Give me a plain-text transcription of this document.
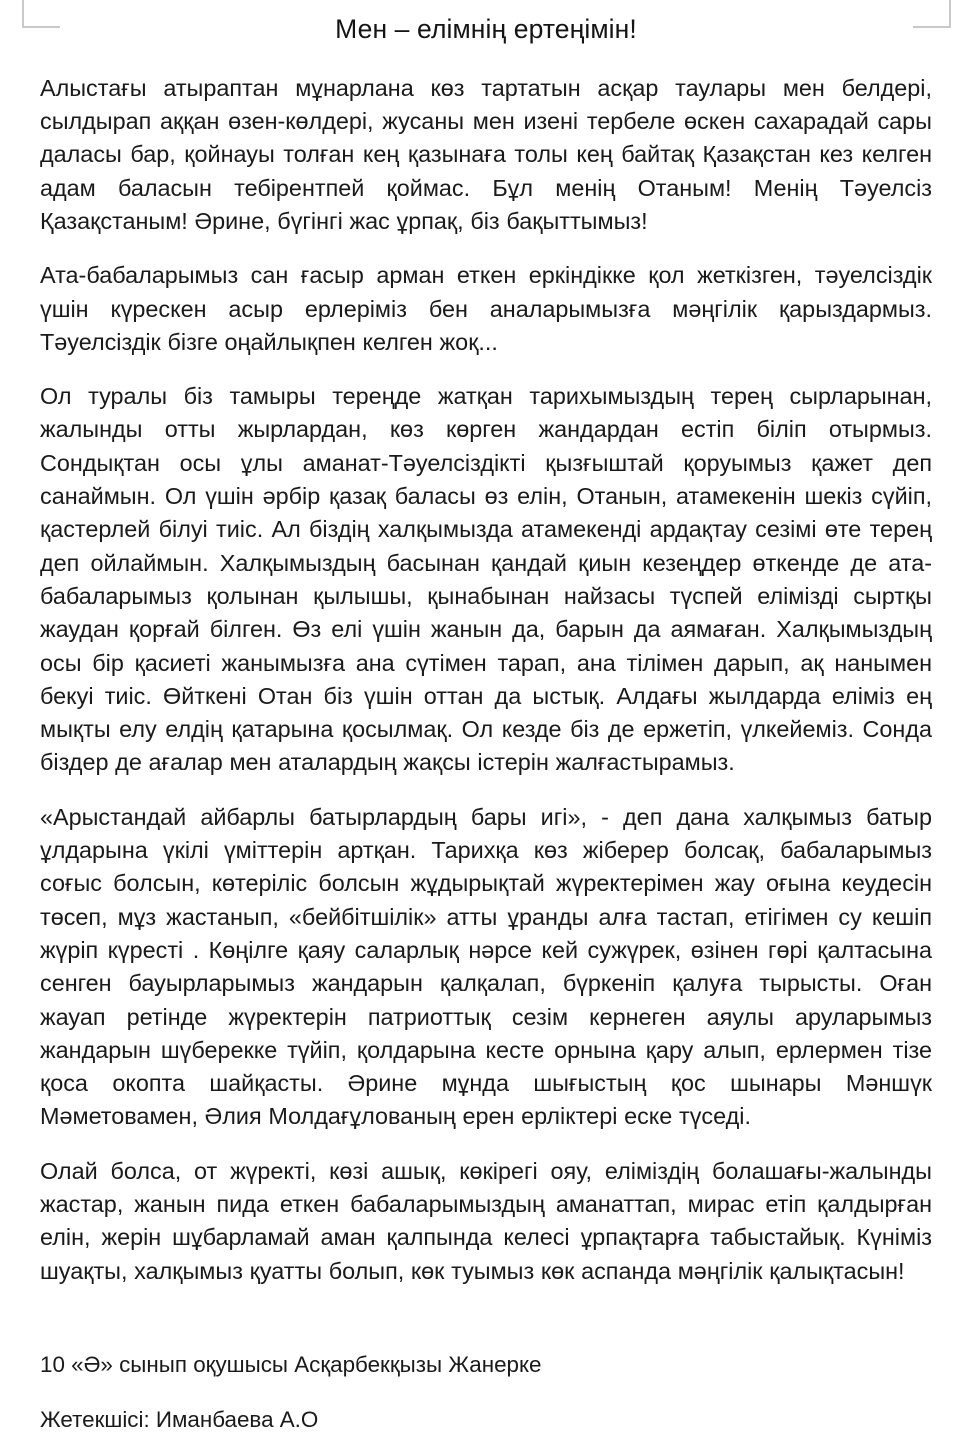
Мен – елімнің ертеңімін!

Алыстағы атыраптан мұнарлана көз тартатын асқар таулары мен белдері, сылдырап аққан өзен-көлдері, жусаны мен изені тербеле өскен сахарадай сары даласы бар, қойнауы толған кең қазынаға толы кең байтақ Қазақстан кез келген адам баласын тебірентпей қоймас. Бұл менің Отаным! Менің Тәуелсіз Қазақстаным! Әрине, бүгінгі жас ұрпақ, біз бақыттымыз!

Ата-бабаларымыз сан ғасыр арман еткен еркіндікке қол жеткізген, тәуелсіздік үшін күрескен асыр ерлеріміз бен аналарымызға мәңгілік қарыздармыз. Тәуелсіздік бізге оңайлықпен келген жоқ...

Ол туралы біз тамыры тереңде жатқан тарихымыздың терең сырларынан, жалынды отты жырлардан, көз көрген жандардан естіп біліп отырмыз. Сондықтан осы ұлы аманат-Тәуелсіздікті қызғыштай қоруымыз қажет деп санаймын. Ол үшін әрбір қазақ баласы өз елін, Отанын, атамекенін шекіз сүйіп, қастерлей білуі тиіс. Ал біздің халқымызда атамекенді ардақтау сезімі өте терең деп ойлаймын. Халқымыздың басынан қандай қиын кезеңдер өткенде де ата-бабаларымыз қолынан қылышы, қынабынан найзасы түспей елімізді сыртқы жаудан қорғай білген. Өз елі үшін жанын да, барын да аямаған. Халқымыздың осы бір қасиеті жанымызға ана сүтімен тарап, ана тілімен дарып, ақ нанымен бекуі тиіс. Өйткені Отан біз үшін оттан да ыстық. Алдағы жылдарда еліміз ең мықты елу елдің қатарына қосылмақ. Ол кезде біз де ержетіп, үлкейеміз. Сонда біздер де ағалар мен аталардың жақсы істерін жалғастырамыз.

«Арыстандай айбарлы батырлардың бары игі», - деп дана халқымыз батыр ұлдарына үкілі үміттерін артқан. Тарихқа көз жіберер болсақ, бабаларымыз соғыс болсын, көтеріліс болсын жұдырықтай жүректерімен жау оғына кеудесін төсеп, мұз жастанып, «бейбітшілік» атты ұранды алға тастап, етігімен су кешіп жүріп күресті . Көңілге қаяу саларлық нәрсе кей сужүрек, өзінен гөрі қалтасына сенген бауырларымыз жандарын қалқалап, бүркеніп қалуға тырысты. Оған жауап ретінде жүректерін патриоттық сезім кернеген аяулы аруларымыз жандарын шүберекке түйіп, қолдарына кесте орнына қару алып, ерлермен тізе қоса окопта шайқасты. Әрине мұнда шығыстың қос шынары Мәншүк Мәметовамен, Әлия Молдағұлованың ерен ерліктері еске түседі.

Олай болса, от жүректі, көзі ашық, көкірегі ояу, еліміздің болашағы-жалынды жастар, жанын пида еткен бабаларымыздың аманаттап, мирас етіп қалдырған елін, жерін шұбарламай аман қалпында келесі ұрпақтарға табыстайық. Күніміз шуақты, халқымыз қуатты болып, көк туымыз көк аспанда мәңгілік қалықтасын!

10 «Ә» сынып оқушысы Асқарбекқызы Жанерке

Жетекшісі: Иманбаева А.О
